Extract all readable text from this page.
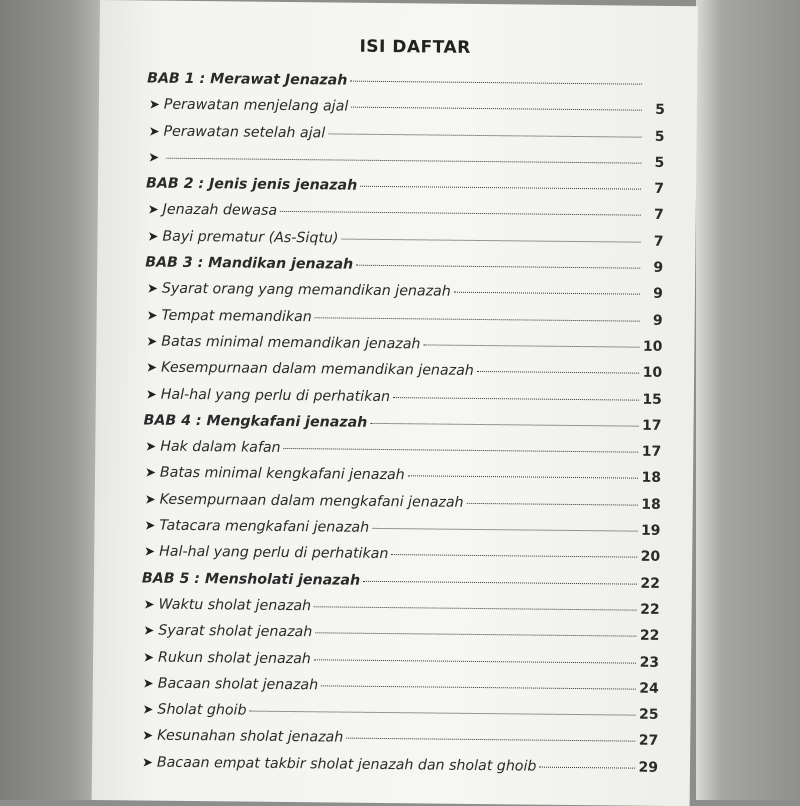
ISI DAFTAR
BAB 1 : Merawat Jenazah
➤ Perawatan menjelang ajal	5
➤ Perawatan setelah ajal	5
➤	5
BAB 2 : Jenis jenis jenazah	7
➤ Jenazah dewasa	7
➤ Bayi prematur (As-Siqtu)	7
BAB 3 : Mandikan jenazah	9
➤ Syarat orang yang memandikan jenazah	9
➤ Tempat memandikan	9
➤ Batas minimal memandikan jenazah	10
➤ Kesempurnaan dalam memandikan jenazah	10
➤ Hal-hal yang perlu di perhatikan	15
BAB 4 : Mengkafani jenazah	17
➤ Hak dalam kafan	17
➤ Batas minimal kengkafani jenazah	18
➤ Kesempurnaan dalam mengkafani jenazah	18
➤ Tatacara mengkafani jenazah	19
➤ Hal-hal yang perlu di perhatikan	20
BAB 5 : Mensholati jenazah	22
➤ Waktu sholat jenazah	22
➤ Syarat sholat jenazah	22
➤ Rukun sholat jenazah	23
➤ Bacaan sholat jenazah	24
➤ Sholat ghoib	25
➤ Kesunahan sholat jenazah	27
➤ Bacaan empat takbir sholat jenazah dan sholat ghoib	29
